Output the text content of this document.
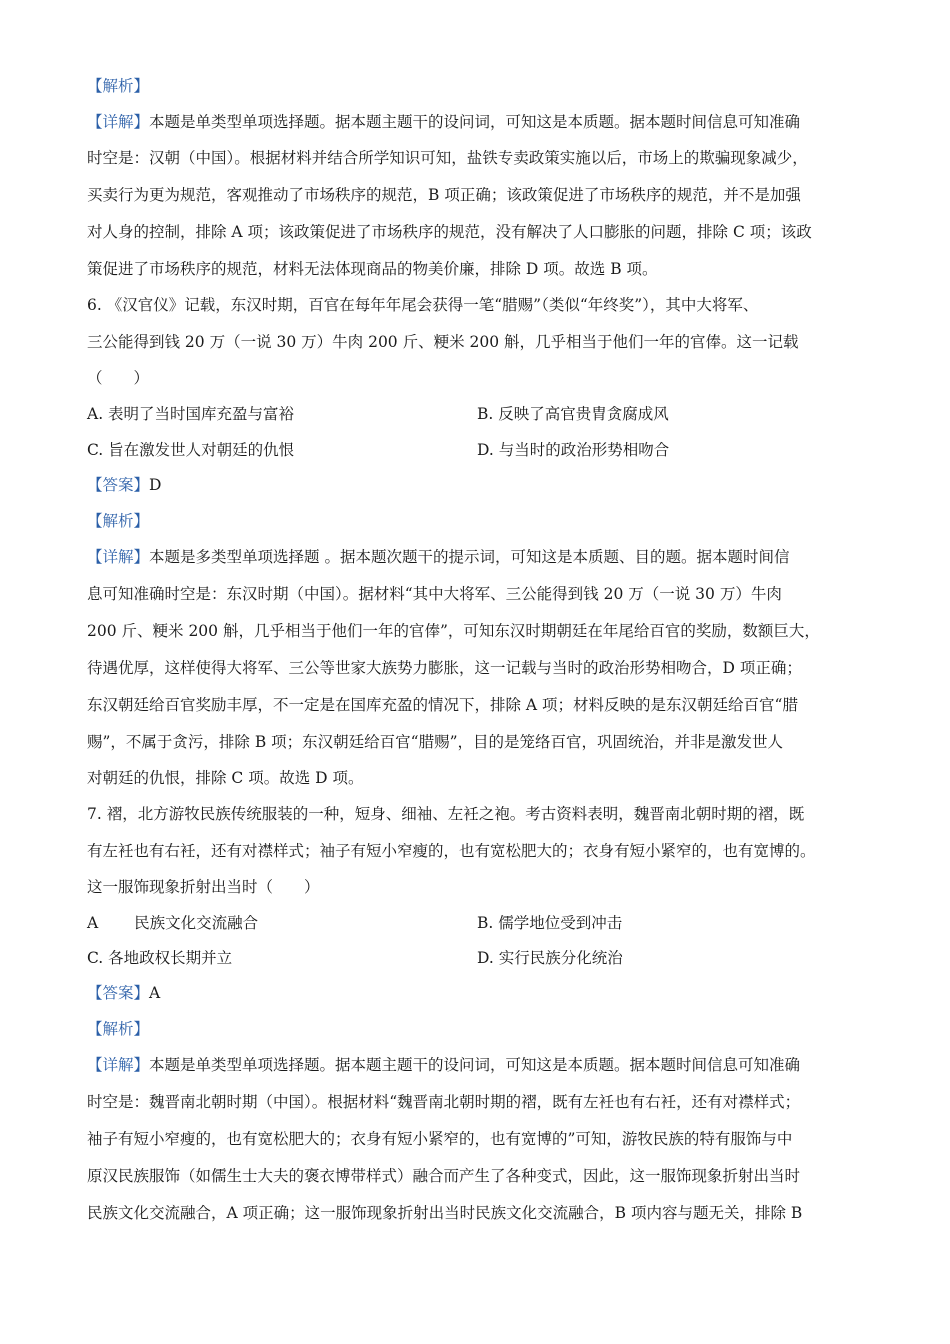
【解析】
【详解】本题是单类型单项选择题。据本题主题干的设问词，可知这是本质题。据本题时间信息可知准确
时空是：汉朝（中国）。根据材料并结合所学知识可知，盐铁专卖政策实施以后，市场上的欺骗现象减少，
买卖行为更为规范，客观推动了市场秩序的规范，B 项正确；该政策促进了市场秩序的规范，并不是加强
对人身的控制，排除 A 项；该政策促进了市场秩序的规范，没有解决了人口膨胀的问题，排除 C 项；该政
策促进了市场秩序的规范，材料无法体现商品的物美价廉，排除 D 项。故选 B 项。
6. 《汉官仪》记载，东汉时期，百官在每年年尾会获得一笔“腊赐”（类似“年终奖”），其中大将军、
三公能得到钱 20 万（一说 30 万）牛肉 200 斤、粳米 200 斛，几乎相当于他们一年的官俸。这一记载
（　　）
A. 表明了当时国库充盈与富裕	B. 反映了高官贵胄贪腐成风
C. 旨在激发世人对朝廷的仇恨	D. 与当时的政治形势相吻合
【答案】D
【解析】
【详解】本题是多类型单项选择题 。据本题次题干的提示词，可知这是本质题、目的题。据本题时间信
息可知准确时空是：东汉时期（中国）。据材料“其中大将军、三公能得到钱 20 万（一说 30 万）牛肉
200 斤、粳米 200 斛，几乎相当于他们一年的官俸”，可知东汉时期朝廷在年尾给百官的奖励，数额巨大，
待遇优厚，这样使得大将军、三公等世家大族势力膨胀，这一记载与当时的政治形势相吻合，D 项正确；
东汉朝廷给百官奖励丰厚，不一定是在国库充盈的情况下，排除 A 项；材料反映的是东汉朝廷给百官“腊
赐”，不属于贪污，排除 B 项；东汉朝廷给百官“腊赐”，目的是笼络百官，巩固统治，并非是激发世人
对朝廷的仇恨，排除 C 项。故选 D 项。
7. 褶，北方游牧民族传统服装的一种，短身、细袖、左衽之袍。考古资料表明，魏晋南北朝时期的褶，既
有左衽也有右衽，还有对襟样式；袖子有短小窄瘦的，也有宽松肥大的；衣身有短小紧窄的，也有宽博的。
这一服饰现象折射出当时（　　）
A　　 民族文化交流融合	B. 儒学地位受到冲击
C. 各地政权长期并立	D. 实行民族分化统治
【答案】A
【解析】
【详解】本题是单类型单项选择题。据本题主题干的设问词，可知这是本质题。据本题时间信息可知准确
时空是：魏晋南北朝时期（中国）。根据材料“魏晋南北朝时期的褶，既有左衽也有右衽，还有对襟样式；
袖子有短小窄瘦的，也有宽松肥大的；衣身有短小紧窄的，也有宽博的”可知，游牧民族的特有服饰与中
原汉民族服饰（如儒生士大夫的褒衣博带样式）融合而产生了各种变式，因此，这一服饰现象折射出当时
民族文化交流融合，A 项正确；这一服饰现象折射出当时民族文化交流融合，B 项内容与题无关，排除 B
